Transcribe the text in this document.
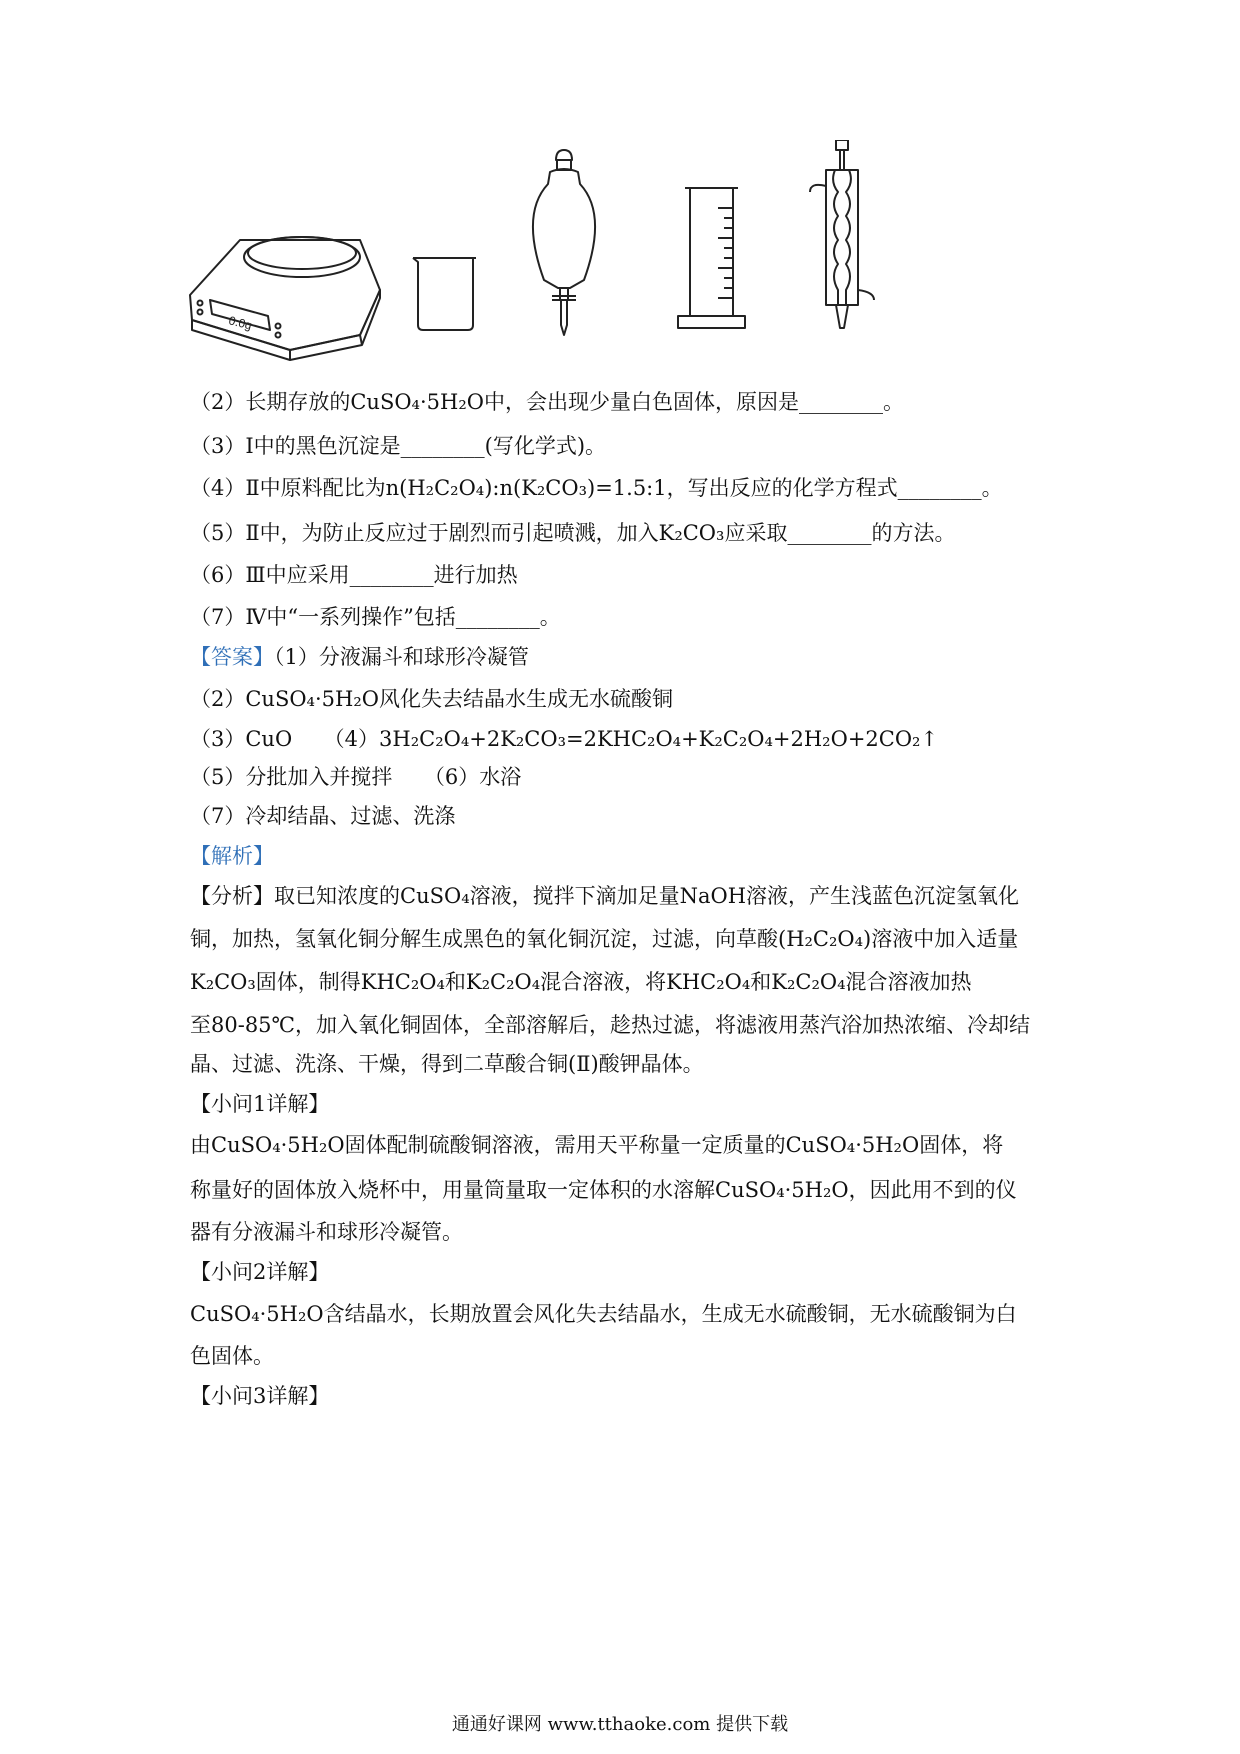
0.0g
（2）长期存放的CuSO₄·5H₂O中，会出现少量白色固体，原因是________。
（3）Ⅰ中的黑色沉淀是________(写化学式)。
（4）Ⅱ中原料配比为n(H₂C₂O₄):n(K₂CO₃)=1.5:1，写出反应的化学方程式________。
（5）Ⅱ中，为防止反应过于剧烈而引起喷溅，加入K₂CO₃应采取________的方法。
（6）Ⅲ中应采用________进行加热
（7）Ⅳ中“一系列操作”包括________。
【答案】（1）分液漏斗和球形冷凝管
（2）CuSO₄·5H₂O风化失去结晶水生成无水硫酸铜
（3）CuO　　（4）3H₂C₂O₄+2K₂CO₃=2KHC₂O₄+K₂C₂O₄+2H₂O+2CO₂↑
（5）分批加入并搅拌　　（6）水浴
（7）冷却结晶、过滤、洗涤
【解析】
【分析】取已知浓度的CuSO₄溶液，搅拌下滴加足量NaOH溶液，产生浅蓝色沉淀氢氧化
铜，加热，氢氧化铜分解生成黑色的氧化铜沉淀，过滤，向草酸(H₂C₂O₄)溶液中加入适量
K₂CO₃固体，制得KHC₂O₄和K₂C₂O₄混合溶液，将KHC₂O₄和K₂C₂O₄混合溶液加热
至80-85℃，加入氧化铜固体，全部溶解后，趁热过滤，将滤液用蒸汽浴加热浓缩、冷却结
晶、过滤、洗涤、干燥，得到二草酸合铜(Ⅱ)酸钾晶体。
【小问1详解】
由CuSO₄·5H₂O固体配制硫酸铜溶液，需用天平称量一定质量的CuSO₄·5H₂O固体，将
称量好的固体放入烧杯中，用量筒量取一定体积的水溶解CuSO₄·5H₂O，因此用不到的仪
器有分液漏斗和球形冷凝管。
【小问2详解】
CuSO₄·5H₂O含结晶水，长期放置会风化失去结晶水，生成无水硫酸铜，无水硫酸铜为白
色固体。
【小问3详解】
通通好课网 www.tthaoke.com 提供下载
